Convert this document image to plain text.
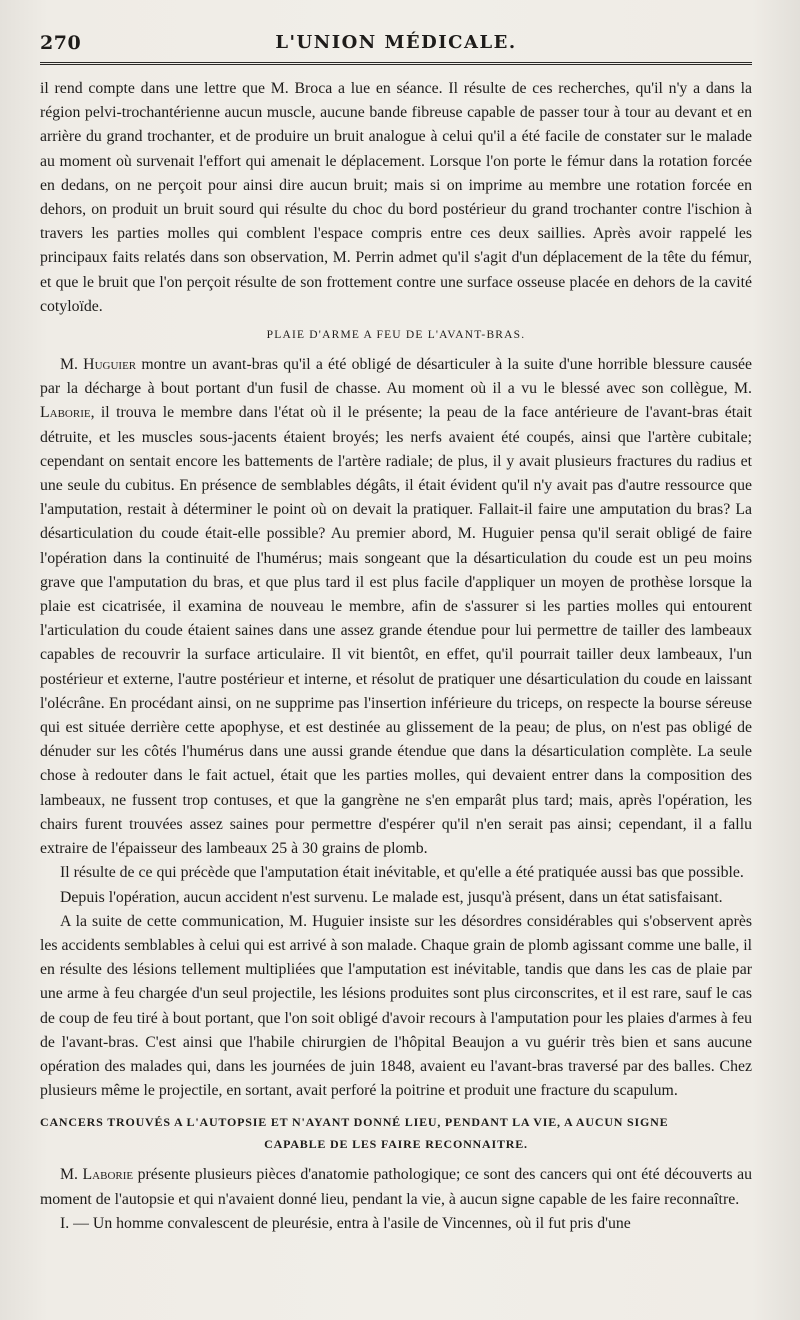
270	L'UNION MÉDICALE.

il rend compte dans une lettre que M. Broca a lue en séance. Il résulte de ces recherches, qu'il n'y a dans la région pelvi-trochantérienne aucun muscle, aucune bande fibreuse capable de passer tour à tour au devant et en arrière du grand trochanter, et de produire un bruit analogue à celui qu'il a été facile de constater sur le malade au moment où survenait l'effort qui amenait le déplacement. Lorsque l'on porte le fémur dans la rotation forcée en dedans, on ne perçoit pour ainsi dire aucun bruit; mais si on imprime au membre une rotation forcée en dehors, on produit un bruit sourd qui résulte du choc du bord postérieur du grand trochanter contre l'ischion à travers les parties molles qui comblent l'espace compris entre ces deux saillies. Après avoir rappelé les principaux faits relatés dans son observation, M. Perrin admet qu'il s'agit d'un déplacement de la tête du fémur, et que le bruit que l'on perçoit résulte de son frottement contre une surface osseuse placée en dehors de la cavité cotyloïde.

PLAIE D'ARME A FEU DE L'AVANT-BRAS.

M. Huguier montre un avant-bras qu'il a été obligé de désarticuler à la suite d'une horrible blessure causée par la décharge à bout portant d'un fusil de chasse. Au moment où il a vu le blessé avec son collègue, M. Laborie, il trouva le membre dans l'état où il le présente; la peau de la face antérieure de l'avant-bras était détruite, et les muscles sous-jacents étaient broyés; les nerfs avaient été coupés, ainsi que l'artère cubitale; cependant on sentait encore les battements de l'artère radiale; de plus, il y avait plusieurs fractures du radius et une seule du cubitus. En présence de semblables dégâts, il était évident qu'il n'y avait pas d'autre ressource que l'amputation, restait à déterminer le point où on devait la pratiquer. Fallait-il faire une amputation du bras? La désarticulation du coude était-elle possible? Au premier abord, M. Huguier pensa qu'il serait obligé de faire l'opération dans la continuité de l'humérus; mais songeant que la désarticulation du coude est un peu moins grave que l'amputation du bras, et que plus tard il est plus facile d'appliquer un moyen de prothèse lorsque la plaie est cicatrisée, il examina de nouveau le membre, afin de s'assurer si les parties molles qui entourent l'articulation du coude étaient saines dans une assez grande étendue pour lui permettre de tailler des lambeaux capables de recouvrir la surface articulaire. Il vit bientôt, en effet, qu'il pourrait tailler deux lambeaux, l'un postérieur et externe, l'autre postérieur et interne, et résolut de pratiquer une désarticulation du coude en laissant l'olécrâne. En procédant ainsi, on ne supprime pas l'insertion inférieure du triceps, on respecte la bourse séreuse qui est située derrière cette apophyse, et est destinée au glissement de la peau; de plus, on n'est pas obligé de dénuder sur les côtés l'humérus dans une aussi grande étendue que dans la désarticulation complète. La seule chose à redouter dans le fait actuel, était que les parties molles, qui devaient entrer dans la composition des lambeaux, ne fussent trop contuses, et que la gangrène ne s'en emparât plus tard; mais, après l'opération, les chairs furent trouvées assez saines pour permettre d'espérer qu'il n'en serait pas ainsi; cependant, il a fallu extraire de l'épaisseur des lambeaux 25 à 30 grains de plomb.

Il résulte de ce qui précède que l'amputation était inévitable, et qu'elle a été pratiquée aussi bas que possible.

Depuis l'opération, aucun accident n'est survenu. Le malade est, jusqu'à présent, dans un état satisfaisant.

A la suite de cette communication, M. Huguier insiste sur les désordres considérables qui s'observent après les accidents semblables à celui qui est arrivé à son malade. Chaque grain de plomb agissant comme une balle, il en résulte des lésions tellement multipliées que l'amputation est inévitable, tandis que dans les cas de plaie par une arme à feu chargée d'un seul projectile, les lésions produites sont plus circonscrites, et il est rare, sauf le cas de coup de feu tiré à bout portant, que l'on soit obligé d'avoir recours à l'amputation pour les plaies d'armes à feu de l'avant-bras. C'est ainsi que l'habile chirurgien de l'hôpital Beaujon a vu guérir très bien et sans aucune opération des malades qui, dans les journées de juin 1848, avaient eu l'avant-bras traversé par des balles. Chez plusieurs même le projectile, en sortant, avait perforé la poitrine et produit une fracture du scapulum.

CANCERS TROUVÉS A L'AUTOPSIE ET N'AYANT DONNÉ LIEU, PENDANT LA VIE, A AUCUN SIGNE
CAPABLE DE LES FAIRE RECONNAITRE.

M. Laborie présente plusieurs pièces d'anatomie pathologique; ce sont des cancers qui ont été découverts au moment de l'autopsie et qui n'avaient donné lieu, pendant la vie, à aucun signe capable de les faire reconnaître.

I. — Un homme convalescent de pleurésie, entra à l'asile de Vincennes, où il fut pris d'une
